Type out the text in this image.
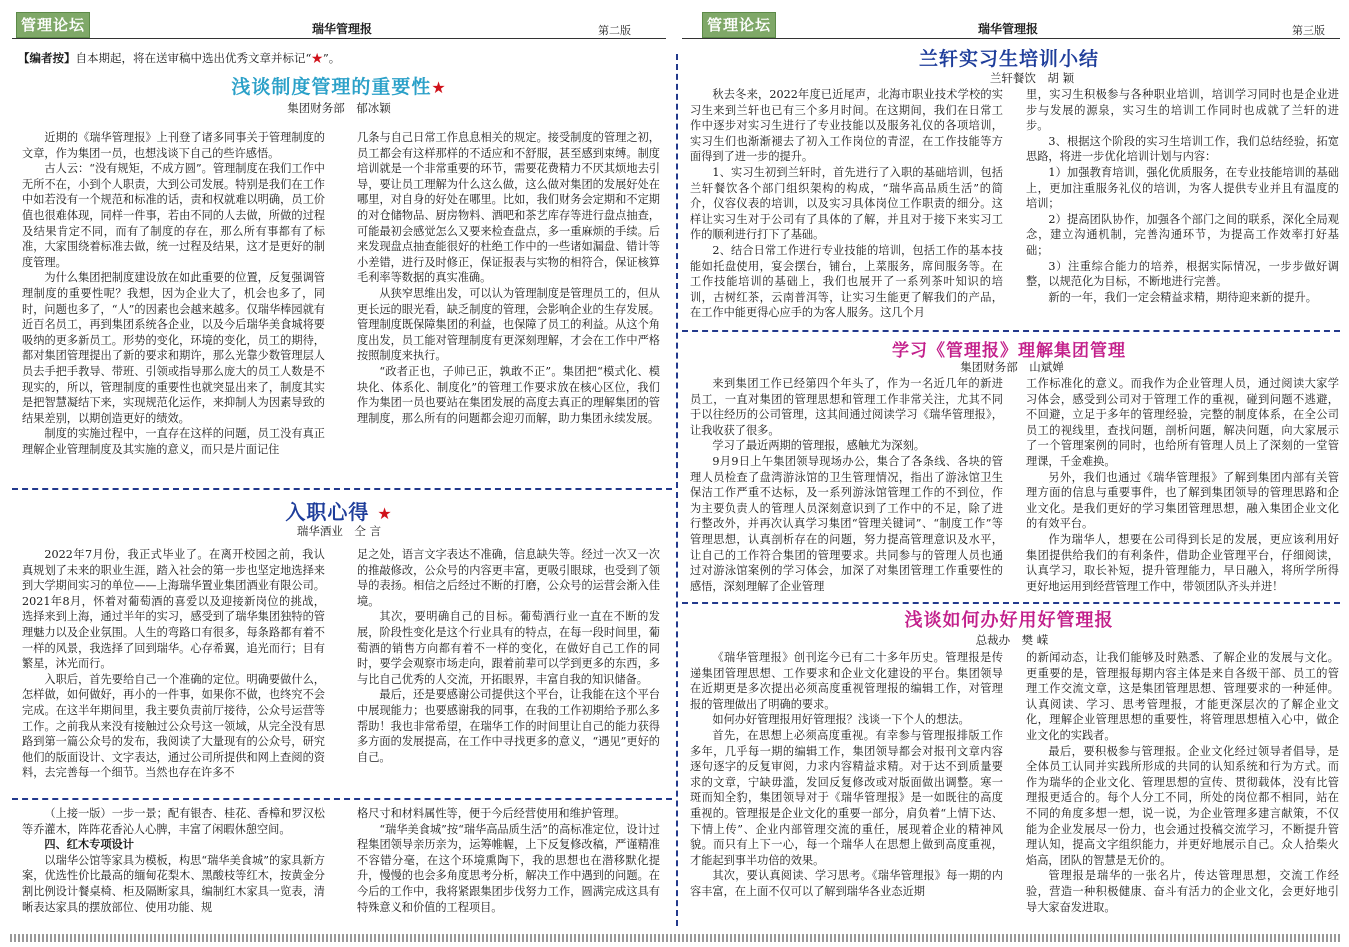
管理论坛	瑞华管理报	第二版	管理论坛	瑞华管理报	第三版
【编者按】自本期起，将在送审稿中选出优秀文章并标记“★”。
浅谈制度管理的重要性★
集团财务部　郁冰颖

近期的《瑞华管理报》上刊登了诸多同事关于管理制度的文章，作为集团一员，也想浅谈下自己的些许感悟。

古人云：“没有规矩，不成方圆”。管理制度在我们工作中无所不在，小到个人职责，大到公司发展。特别是我们在工作中如若没有一个规范和标准的话，责和权就难以明确，员工价值也很难体现，同样一件事，若由不同的人去做，所做的过程及结果肯定不同，而有了制度的存在，那么所有事都有了标准，大家围绕着标准去做，统一过程及结果，这才是更好的制度管理。

为什么集团把制度建设放在如此重要的位置，反复强调管理制度的重要性呢？我想，因为企业大了，机会也多了，同时，问题也多了，“人”的因素也会越来越多。仅瑞华棒园就有近百名员工，再到集团系统各企业，以及今后瑞华美食城将要吸纳的更多新员工。形势的变化，环境的变化，员工的期待，都对集团管理提出了新的要求和期许，那么光靠少数管理层人员去手把手教导、带班、引领或指导那么庞大的员工人数是不现实的，所以，管理制度的重要性也就突显出来了，制度其实是把智慧凝结下来，实现规范化运作，来抑制人为因素导致的结果差别，以期创造更好的绩效。

制度的实施过程中，一直存在这样的问题，员工没有真正理解企业管理制度及其实施的意义，而只是片面记住

几条与自己日常工作息息相关的规定。接受制度的管理之初，员工都会有这样那样的不适应和不舒服，甚至感到束缚。制度培训就是一个非常重要的环节，需要花费精力不厌其烦地去引导，要让员工理解为什么这么做，这么做对集团的发展好处在哪里，对自身的好处在哪里。比如，我们财务会定期和不定期的对仓储物品、厨房物料、酒吧和茶艺库存等进行盘点抽查，可能最初会感觉怎么又要来检查盘点，多一重麻烦的手续。后来发现盘点抽查能很好的杜绝工作中的一些诸如漏盘、错计等小差错，进行及时修正，保证报表与实物的相符合，保证核算毛利率等数据的真实准确。

从狭窄思维出发，可以认为管理制度是管理员工的，但从更长远的眼光看，缺乏制度的管理，会影响企业的生存发展。管理制度既保障集团的利益，也保障了员工的利益。从这个角度出发，员工能对管理制度有更深刻理解，才会在工作中严格按照制度来执行。

“政者正也，子帅已正，孰敢不正”。集团把“模式化、模块化、体系化、制度化”的管理工作要求放在核心区位，我们作为集团一员也要站在集团发展的高度去真正的理解集团的管理制度，那么所有的问题都会迎刃而解，助力集团永续发展。

入职心得 ★
瑞华酒业　仝 言

2022年7月份，我正式毕业了。在离开校园之前，我认真规划了未来的职业生涯，踏入社会的第一步也坚定地选择来到大学期间实习的单位——上海瑞华置业集团酒业有限公司。2021年8月，怀着对葡萄酒的喜爱以及迎接新岗位的挑战，选择来到上海，通过半年的实习，感受到了瑞华集团独特的管理魅力以及企业氛围。人生的弯路口有很多，每条路都有着不一样的风景，我选择了回到瑞华。心存希翼，追光而行；目有繁星，沐光而行。

入职后，首先要给自己一个准确的定位。明确要做什么，怎样做，如何做好，再小的一件事，如果你不做，也终究不会完成。在这半年期间里，我主要负责前厅接待，公众号运营等工作。之前我从来没有接触过公众号这一领域，从完全没有思路到第一篇公众号的发布，我阅读了大量现有的公众号，研究他们的版面设计、文字表达，通过公司所提供和网上查阅的资料，去完善每一个细节。当然也存在许多不

足之处，语言文字表达不准确，信息缺失等。经过一次又一次的推敲修改，公众号的内容更丰富，更吸引眼球，也受到了领导的表扬。相信之后经过不断的打磨，公众号的运营会渐入佳境。

其次，要明确自己的目标。葡萄酒行业一直在不断的发展，阶段性变化是这个行业具有的特点，在每一段时间里，葡萄酒的销售方向都有着不一样的变化，在做好自己工作的同时，要学会观察市场走向，跟着前辈可以学到更多的东西，多与比自己优秀的人交流，开拓眼界，丰富自我的知识储备。

最后，还是要感谢公司提供这个平台，让我能在这个平台中展现能力；也要感谢我的同事，在我的工作初期给予那么多帮助！我也非常希望，在瑞华工作的时间里让自己的能力获得多方面的发展提高，在工作中寻找更多的意义，“遇见”更好的自己。

（上接一版）一步一景；配有银杏、桂花、香樟和罗汉松等乔灌木，阵阵花香沁人心脾，丰富了闲暇休憩空间。

四、红木专项设计

以瑞华公馆等家具为模板，构思“瑞华美食城”的家具新方案，优选性价比最高的缅甸花梨木、黑酸枝等红木，按黄金分割比例设计餐桌椅、柜及隔断家具，编制红木家具一览表，清晰表达家具的摆放部位、使用功能、规

格尺寸和材料属性等，便于今后经营使用和维护管理。

“瑞华美食城”按“瑞华高品质生活”的高标准定位，设计过程集团领导亲历亲为，运筹帷幄，上下反复修改稿，严谨精准不容错分毫，在这个环境熏陶下，我的思想也在潜移默化提升，慢慢的也会多角度思考分析，解决工作中遇到的问题。在今后的工作中，我将紧跟集团步伐努力工作，圆满完成这具有特殊意义和价值的工程项目。

兰轩实习生培训小结
兰轩餐饮　胡 颖

秋去冬来，2022年度已近尾声，北海市职业技术学校的实习生来到兰轩也已有三个多月时间。在这期间，我们在日常工作中逐步对实习生进行了专业技能以及服务礼仪的各项培训，实习生们也渐渐褪去了初入工作岗位的青涩，在工作技能等方面得到了进一步的提升。

1、实习生初到兰轩时，首先进行了入职的基础培训，包括兰轩餐饮各个部门组织架构的构成，“瑞华高品质生活”的简介，仪容仪表的培训，以及实习具体岗位工作职责的细分。这样让实习生对于公司有了具体的了解，并且对于接下来实习工作的顺利进行打下了基础。

2、结合日常工作进行专业技能的培训，包括工作的基本技能如托盘使用，宴会摆台，铺台，上菜服务，席间服务等。在工作技能培训的基础上，我们也展开了一系列茶叶知识的培训，古树红茶，云南普洱等，让实习生能更了解我们的产品，在工作中能更得心应手的为客人服务。这几个月

里，实习生积极参与各种职业培训，培训学习同时也是企业进步与发展的源泉，实习生的培训工作同时也成就了兰轩的进步。

3、根据这个阶段的实习生培训工作，我们总结经验，拓宽思路，将进一步优化培训计划与内容：

1）加强教育培训，强化优质服务，在专业技能培训的基础上，更加注重服务礼仪的培训，为客人提供专业并且有温度的培训；

2）提高团队协作，加强各个部门之间的联系，深化全局观念，建立沟通机制，完善沟通环节，为提高工作效率打好基础；

3）注重综合能力的培养，根据实际情况，一步步做好调整，以规范化为目标，不断地进行完善。

新的一年，我们一定会精益求精，期待迎来新的提升。

学习《管理报》理解集团管理
集团财务部　山斌婵

来到集团工作已经第四个年头了，作为一名近几年的新进员工，一直对集团的管理思想和管理工作非常关注，尤其不同于以往经历的公司管理，这其间通过阅读学习《瑞华管理报》，让我收获了很多。

学习了最近两期的管理报，感触尤为深刻。

9月9日上午集团领导现场办公，集合了各条线、各块的管理人员检查了盘湾游泳馆的卫生管理情况，指出了游泳馆卫生保洁工作严重不达标，及一系列游泳馆管理工作的不到位，作为主要负责人的管理人员深刻意识到了工作中的不足，除了进行整改外，并再次认真学习集团“管理关键词”、“制度工作”等管理思想，认真剖析存在的问题，努力提高管理意识及水平，让自己的工作符合集团的管理要求。共同参与的管理人员也通过对游泳馆案例的学习体会，加深了对集团管理工作重要性的感悟，深刻理解了企业管理

工作标准化的意义。而我作为企业管理人员，通过阅读大家学习体会，感受到公司对于管理工作的重视，碰到问题不逃避，不回避，立足于多年的管理经验，完整的制度体系，在全公司员工的视线里，查找问题，剖析问题，解决问题，向大家展示了一个管理案例的同时，也给所有管理人员上了深刻的一堂管理课，千金难换。

另外，我们也通过《瑞华管理报》了解到集团内部有关管理方面的信息与重要事件，也了解到集团领导的管理思路和企业文化。是我们更好的学习集团管理思想，融入集团企业文化的有效平台。

作为瑞华人，想要在公司得到长足的发展，更应该利用好集团提供给我们的有利条件，借助企业管理平台，仔细阅读，认真学习，取长补短，提升管理能力，早日融入，将所学所得更好地运用到经营管理工作中，带领团队齐头并进！

浅谈如何办好用好管理报
总裁办　樊 嵘

《瑞华管理报》创刊迄今已有二十多年历史。管理报是传递集团管理思想、工作要求和企业文化建设的平台。集团领导在近期更是多次提出必须高度重视管理报的编辑工作，对管理报的管理做出了明确的要求。

如何办好管理报用好管理报？浅谈一下个人的想法。

首先，在思想上必须高度重视。有幸参与管理报排版工作多年，几乎每一期的编辑工作，集团领导都会对报刊文章内容逐句逐字的反复审阅，力求内容精益求精。对于达不到质量要求的文章，宁缺毋滥，发回反复修改或对版面做出调整。寒一斑而知全豹，集团领导对于《瑞华管理报》是一如既往的高度重视的。管理报是企业文化的重要一部分，肩负着“上情下达、下情上传”、企业内部管理交流的重任，展现着企业的精神风貌。而只有上下一心，每一个瑞华人在思想上做到高度重视，才能起到事半功倍的效果。

其次，要认真阅读、学习思考。《瑞华管理报》每一期的内容丰富，在上面不仅可以了解到瑞华各业态近期

的新闻动态，让我们能够及时熟悉、了解企业的发展与文化。更重要的是，管理报每期内容主体是来自各级干部、员工的管理工作交流文章，这是集团管理思想、管理要求的一种延伸。认真阅读、学习、思考管理报，才能更深层次的了解企业文化，理解企业管理思想的重要性，将管理思想植入心中，做企业文化的实践者。

最后，要积极参与管理报。企业文化经过领导者倡导，是全体员工认同并实践所形成的共同的认知系统和行为方式。而作为瑞华的企业文化、管理思想的宣传、贯彻载体，没有比管理报更适合的。每个人分工不同，所处的岗位都不相同，站在不同的角度多想一想，说一说，为企业管理多建言献策，不仅能为企业发展尽一份力，也会通过投稿交流学习，不断提升管理认知，提高文字组织能力，并更好地展示自己。众人拾柴火焰高，团队的智慧是无价的。

管理报是瑞华的一张名片，传达管理思想，交流工作经验，营造一种积极健康、奋斗有活力的企业文化，会更好地引导大家奋发进取。
